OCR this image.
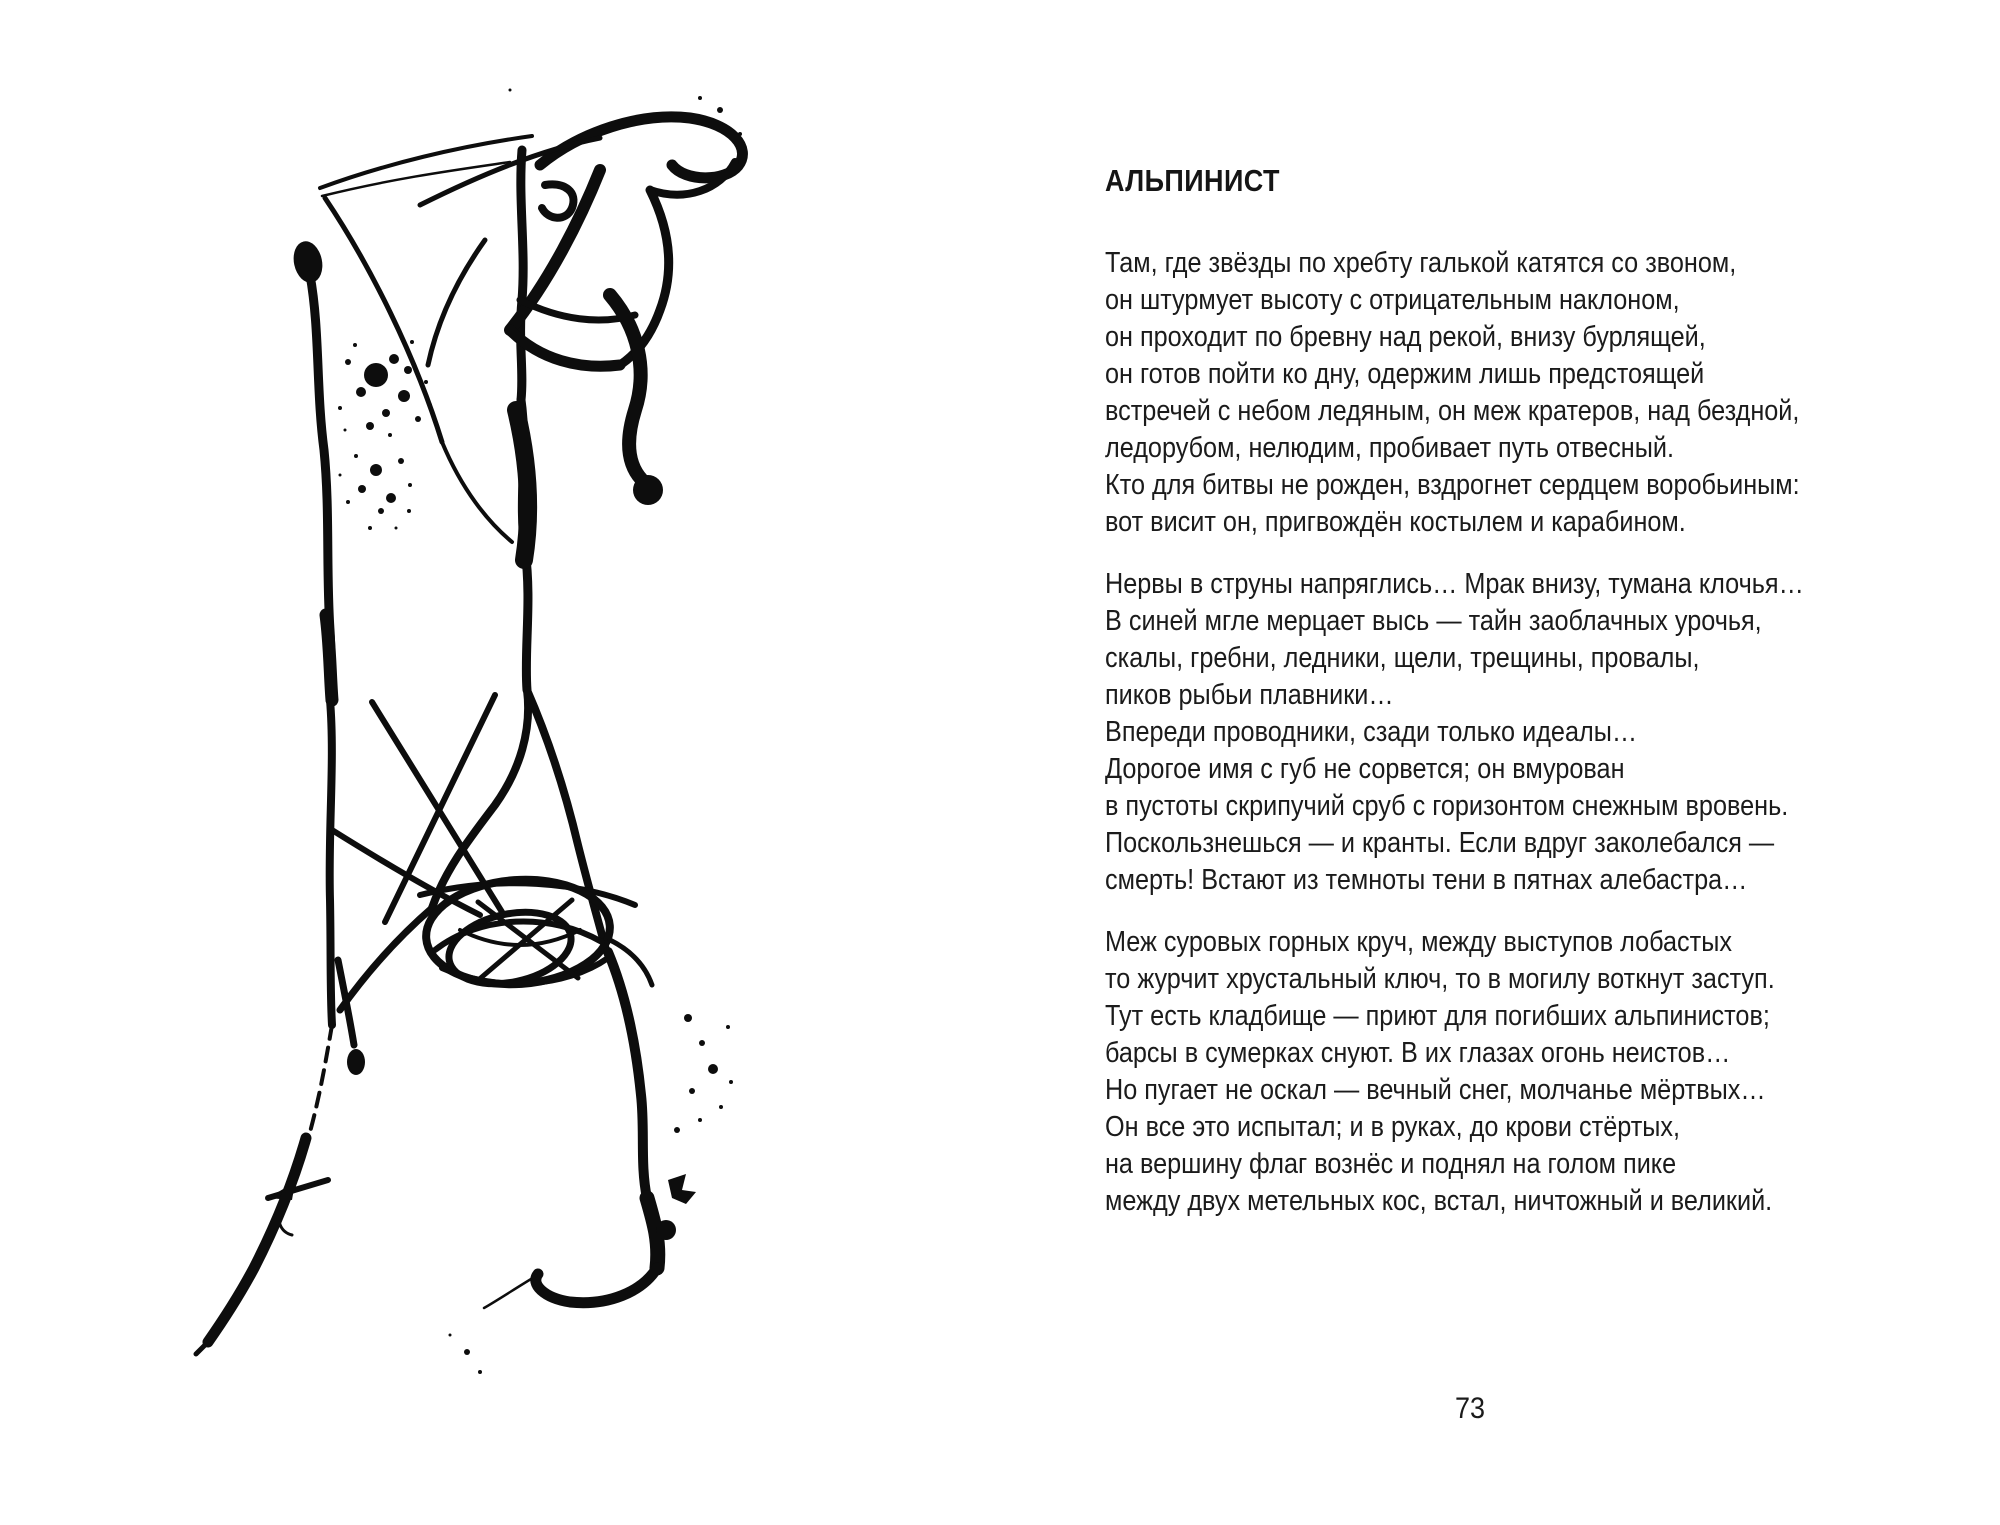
АЛЬПИНИСТ

Там, где звёзды по хребту галькой катятся со звоном,

он штурмует высоту с отрицательным наклоном,

он проходит по бревну над рекой, внизу бурлящей,

он готов пойти ко дну, одержим лишь предстоящей

встречей с небом ледяным, он меж кратеров, над бездной,

ледорубом, нелюдим, пробивает путь отвесный.

Кто для битвы не рожден, вздрогнет сердцем воробьиным:

вот висит он, пригвождён костылем и карабином.

Нервы в струны напряглись… Мрак внизу, тумана клочья…

В синей мгле мерцает высь — тайн заоблачных урочья,

скалы, гребни, ледники, щели, трещины, провалы,

пиков рыбьи плавники…

Впереди проводники, сзади только идеалы…

Дорогое имя с губ не сорвется; он вмурован

в пустоты скрипучий сруб с горизонтом снежным вровень.

Поскользнешься — и кранты. Если вдруг заколебался —

смерть! Встают из темноты тени в пятнах алебастра…

Меж суровых горных круч, между выступов лобастых

то журчит хрустальный ключ, то в могилу воткнут заступ.

Тут есть кладбище — приют для погибших альпинистов;

барсы в сумерках снуют. В их глазах огонь неистов…

Но пугает не оскал — вечный снег, молчанье мёртвых…

Он все это испытал; и в руках, до крови стёртых,

на вершину флаг вознёс и поднял на голом пике

между двух метельных кос, встал, ничтожный и великий.

73
